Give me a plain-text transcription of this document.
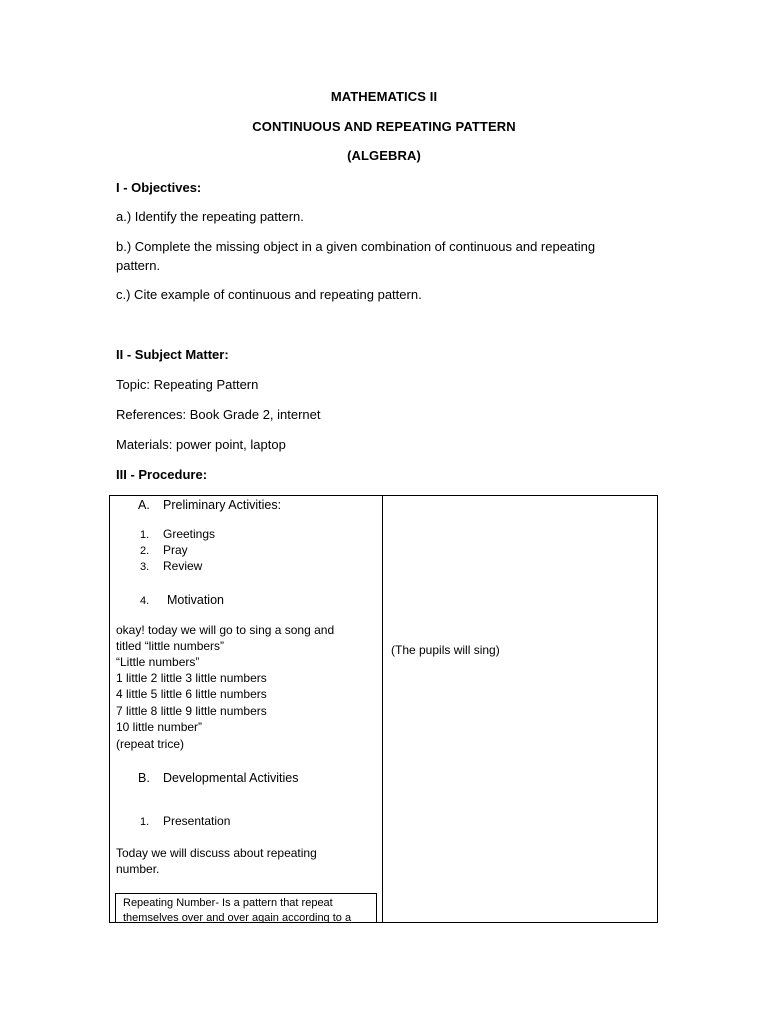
MATHEMATICS II
CONTINUOUS AND REPEATING PATTERN
(ALGEBRA)
I - Objectives:
a.) Identify the repeating pattern.
b.) Complete the missing object in a given combination of continuous and repeating
pattern.
c.) Cite example of continuous and repeating pattern.
II - Subject Matter:
Topic: Repeating Pattern
References: Book Grade 2, internet
Materials: power point, laptop
III - Procedure:
A. Preliminary Activities:
1. Greetings
2. Pray
3. Review
4. Motivation
okay! today we will go to sing a song and
titled “little numbers”
“Little numbers”
1 little 2 little 3 little numbers
4 little 5 little 6 little numbers
7 little 8 little 9 little numbers
10 little number”
(repeat trice)
B. Developmental Activities
1. Presentation
Today we will discuss about repeating
number.
Repeating Number- Is a pattern that repeat
themselves over and over again according to a
(The pupils will sing)
